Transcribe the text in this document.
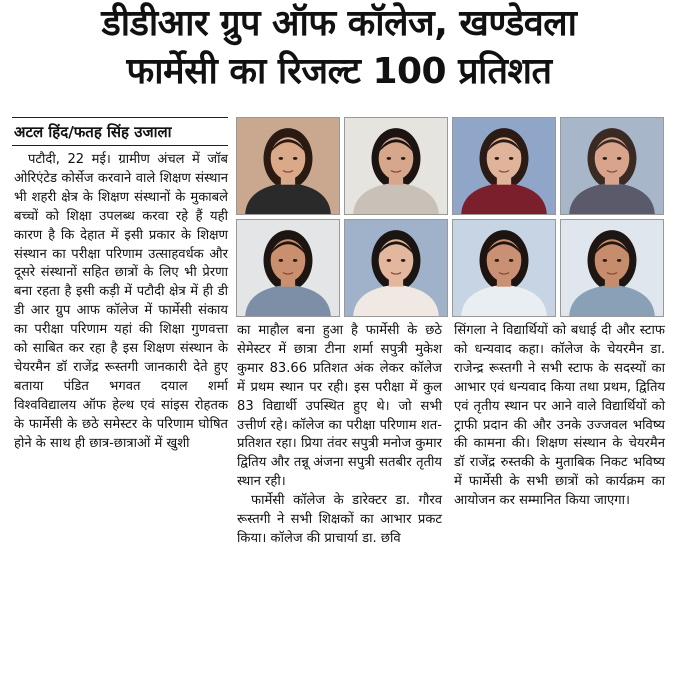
डीडीआर ग्रुप ऑफ कॉलेज, खण्डेवला
फार्मेसी का रिजल्ट 100 प्रतिशत
अटल हिंद/फतह सिंह उजाला

पटौदी, 22 मई। ग्रामीण अंचल में जॉब ओरिएंटेड कोर्सेज करवाने वाले शिक्षण संस्थान भी शहरी क्षेत्र के शिक्षण संस्थानों के मुकाबले बच्चों को शिक्षा उपलब्ध करवा रहे हैं यही कारण है कि देहात में इसी प्रकार के शिक्षण संस्थान का परीक्षा परिणाम उत्साहवर्धक और दूसरे संस्थानों सहित छात्रों के लिए भी प्रेरणा बना रहता है इसी कड़ी में पटौदी क्षेत्र में ही डी डी आर ग्रुप आफ कॉलेज में फार्मेसी संकाय का परीक्षा परिणाम यहां की शिक्षा गुणवत्ता को साबित कर रहा है इस शिक्षण संस्थान के चेयरमैन डॉ राजेंद्र रूस्तगी जानकारी देते हुए बताया पंडित भगवत दयाल शर्मा विश्वविद्यालय ऑफ हेल्थ एवं सांइस रोहतक के फार्मेसी के छठे समेस्टर के परिणाम घोषित होने के साथ ही छात्र-छात्राओं में खुशी

का माहौल बना हुआ है फार्मेसी के छठे सेमेस्टर में छात्रा टीना शर्मा सपुत्री मुकेश कुमार 83.66 प्रतिशत अंक लेकर कॉलेज में प्रथम स्थान पर रही। इस परीक्षा में कुल 83 विद्यार्थी उपस्थित हुए थे। जो सभी उत्तीर्ण रहे। कॉलेज का परीक्षा परिणाम शत-प्रतिशत रहा। प्रिया तंवर सपुत्री मनोज कुमार द्वितिय और तन्नू अंजना सपुत्री सतबीर तृतीय स्थान रही।

फार्मेसी कॉलेज के डारेक्टर डा. गौरव रूस्तगी ने सभी शिक्षकों का आभार प्रकट किया। कॉलेज की प्राचार्या डा. छवि

सिंगला ने विद्यार्थियों को बधाई दी और स्टाफ को धन्यवाद कहा। कॉलेज के चेयरमैन डा. राजेन्द्र रूस्तगी ने सभी स्टाफ के सदस्यों का आभार एवं धन्यवाद किया तथा प्रथम, द्वितिय एवं तृतीय स्थान पर आने वाले विद्यार्थियों को ट्राफी प्रदान की और उनके उज्जवल भविष्य की कामना की। शिक्षण संस्थान के चेयरमैन डॉ राजेंद्र रुस्तकी के मुताबिक निकट भविष्य में फार्मेसी के सभी छात्रों को कार्यक्रम का आयोजन कर सम्मानित किया जाएगा।
